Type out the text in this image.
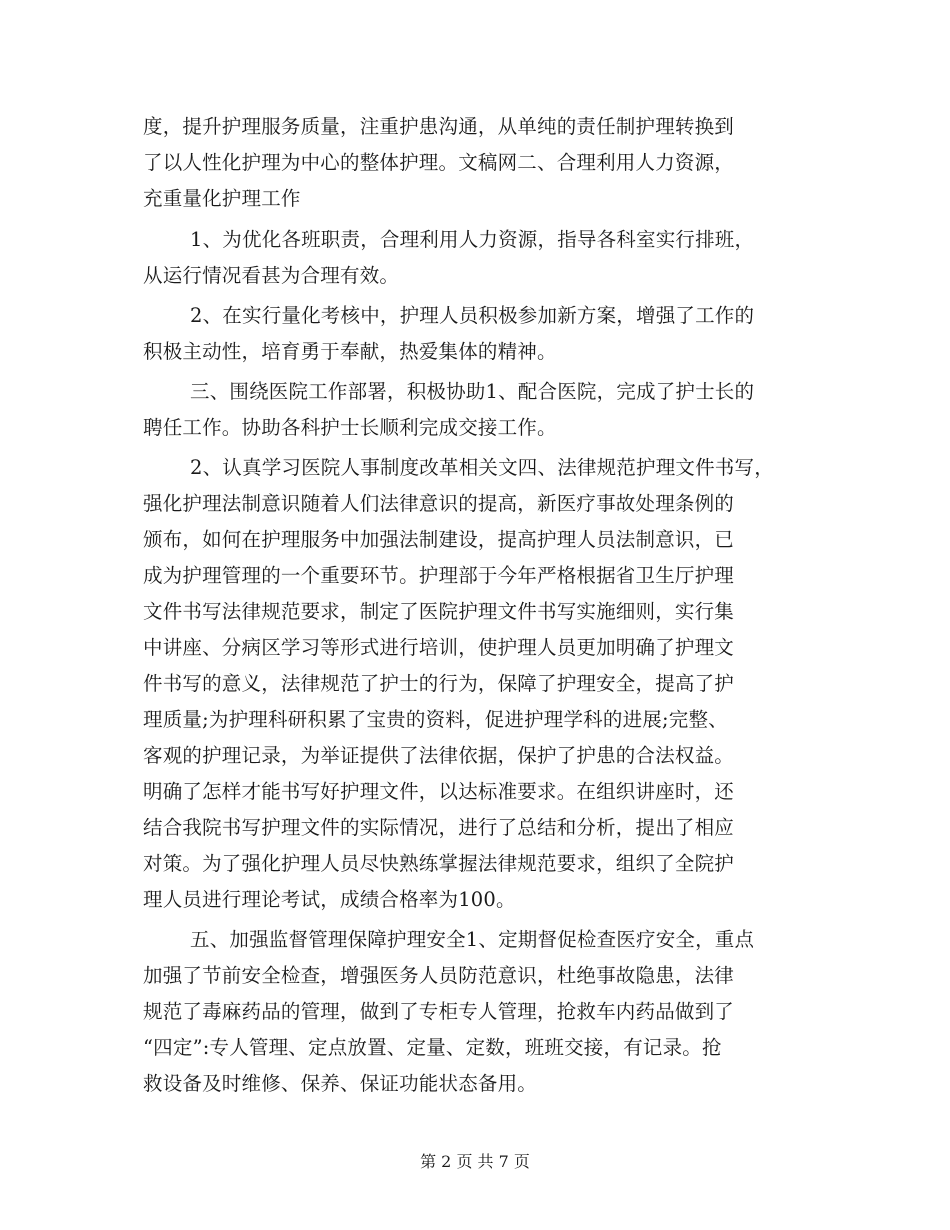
度，提升护理服务质量，注重护患沟通，从单纯的责任制护理转换到
了以人性化护理为中心的整体护理。文稿网二、合理利用人力资源，
充重量化护理工作
1、为优化各班职责，合理利用人力资源，指导各科室实行排班，
从运行情况看甚为合理有效。
2、在实行量化考核中，护理人员积极参加新方案，增强了工作的
积极主动性，培育勇于奉献，热爱集体的精神。
三、围绕医院工作部署，积极协助1、配合医院，完成了护士长的
聘任工作。协助各科护士长顺利完成交接工作。
2、认真学习医院人事制度改革相关文四、法律规范护理文件书写，
强化护理法制意识随着人们法律意识的提高，新医疗事故处理条例的
颁布，如何在护理服务中加强法制建设，提高护理人员法制意识，已
成为护理管理的一个重要环节。护理部于今年严格根据省卫生厅护理
文件书写法律规范要求，制定了医院护理文件书写实施细则，实行集
中讲座、分病区学习等形式进行培训，使护理人员更加明确了护理文
件书写的意义，法律规范了护士的行为，保障了护理安全，提高了护
理质量;为护理科研积累了宝贵的资料，促进护理学科的进展;完整、
客观的护理记录，为举证提供了法律依据，保护了护患的合法权益。
明确了怎样才能书写好护理文件，以达标准要求。在组织讲座时，还
结合我院书写护理文件的实际情况，进行了总结和分析，提出了相应
对策。为了强化护理人员尽快熟练掌握法律规范要求，组织了全院护
理人员进行理论考试，成绩合格率为100。
五、加强监督管理保障护理安全1、定期督促检查医疗安全，重点
加强了节前安全检查，增强医务人员防范意识，杜绝事故隐患，法律
规范了毒麻药品的管理，做到了专柜专人管理，抢救车内药品做到了
“四定”:专人管理、定点放置、定量、定数，班班交接，有记录。抢
救设备及时维修、保养、保证功能状态备用。
第 2 页 共 7 页
